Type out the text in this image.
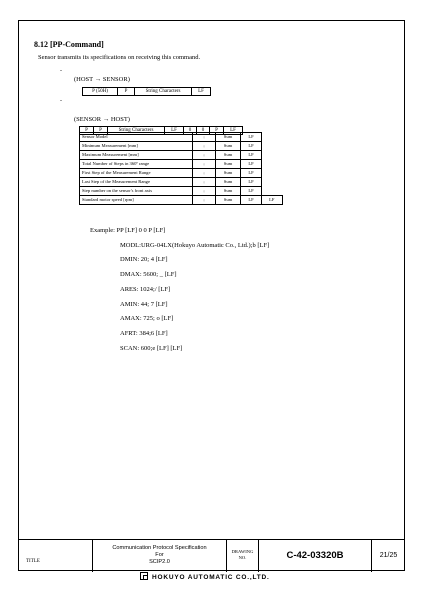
8.12 [PP-Command]
Sensor transmits its specifications on receiving this command.
-
(HOST → SENSOR)
P (50H)	P	String Characters	LF
-
(SENSOR → HOST)
P	P	String Characters	LF	0	0	P	LF
Sensor Model	;	Sum	LF	
Minimum Measurement [mm]	;	Sum	LF	
Maximum Measurement [mm]	;	Sum	LF	
Total Number of Steps in 360º range	;	Sum	LF	
First Step of the Measurement Range	;	Sum	LF	
Last Step of the Measurement Range	;	Sum	LF	
Step number on the sensor's front axis	;	Sum	LF	
Standard motor speed [rpm]	;	Sum	LF	LF
Example: PP [LF] 0 0 P [LF]
MODL:URG-04LX(Hokuyo Automatic Co., Ltd.);b [LF]
DMIN: 20; 4 [LF]
DMAX: 5600; _ [LF]
ARES: 1024;/ [LF]
AMIN: 44; 7 [LF]
AMAX: 725; o [LF]
AFRT: 384;6 [LF]
SCAN: 600;e [LF] [LF]
TITLE
Communication Protocol Specification
For
SCIP2.0
DRAWING
NO.	C-42-03320B	21/25
HOKUYO AUTOMATIC CO.,LTD.
